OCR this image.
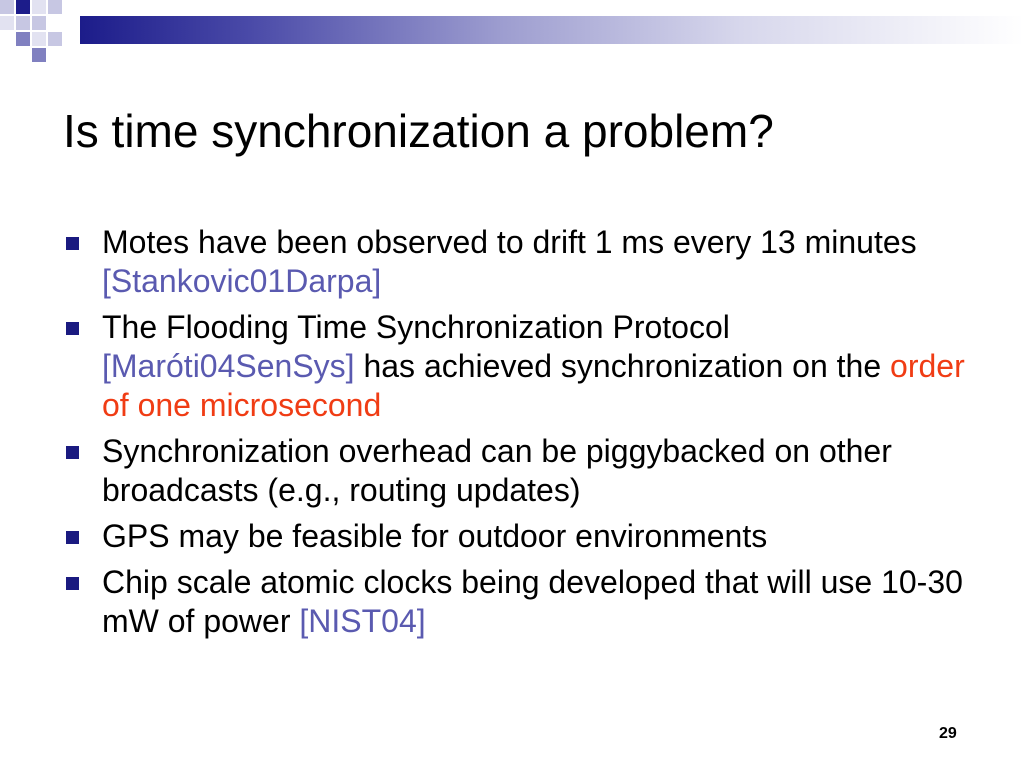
Is time synchronization a problem?
Motes have been observed to drift 1 ms every 13 minutes [Stankovic01Darpa]
The Flooding Time Synchronization Protocol
[Maróti04SenSys] has achieved synchronization on the order of one microsecond
Synchronization overhead can be piggybacked on other broadcasts (e.g., routing updates)
GPS may be feasible for outdoor environments
Chip scale atomic clocks being developed that will use 10-30 mW of power [NIST04]
29
